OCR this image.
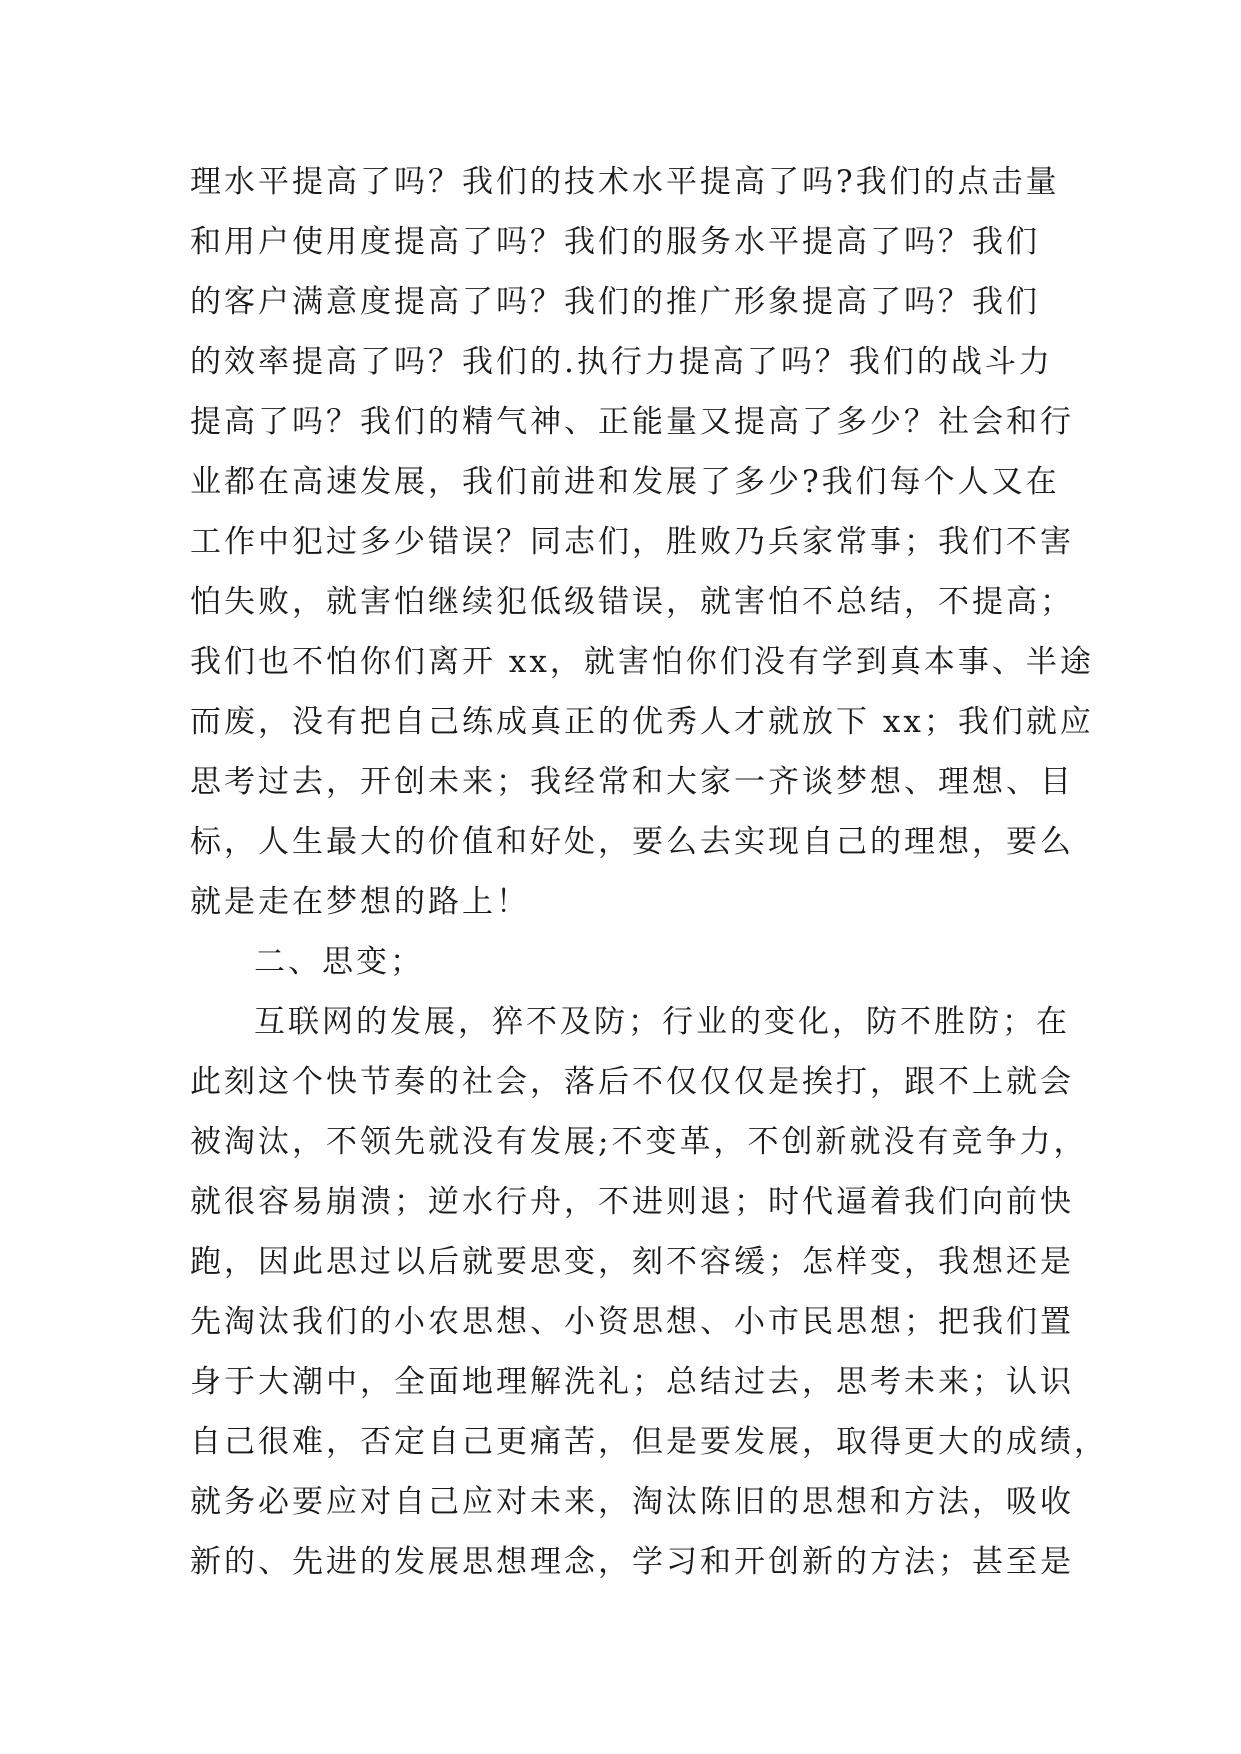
理水平提高了吗？我们的技术水平提高了吗?我们的点击量
和用户使用度提高了吗？我们的服务水平提高了吗？我们
的客户满意度提高了吗？我们的推广形象提高了吗？我们
的效率提高了吗？我们的.执行力提高了吗？我们的战斗力
提高了吗？我们的精气神、正能量又提高了多少？社会和行
业都在高速发展，我们前进和发展了多少?我们每个人又在
工作中犯过多少错误？同志们，胜败乃兵家常事；我们不害
怕失败，就害怕继续犯低级错误，就害怕不总结，不提高；
我们也不怕你们离开 xx，就害怕你们没有学到真本事、半途
而废，没有把自己练成真正的优秀人才就放下 xx；我们就应
思考过去，开创未来；我经常和大家一齐谈梦想、理想、目
标，人生最大的价值和好处，要么去实现自己的理想，要么
就是走在梦想的路上！
二、思变；
互联网的发展，猝不及防；行业的变化，防不胜防；在
此刻这个快节奏的社会，落后不仅仅仅是挨打，跟不上就会
被淘汰，不领先就没有发展;不变革，不创新就没有竞争力，
就很容易崩溃；逆水行舟，不进则退；时代逼着我们向前快
跑，因此思过以后就要思变，刻不容缓；怎样变，我想还是
先淘汰我们的小农思想、小资思想、小市民思想；把我们置
身于大潮中，全面地理解洗礼；总结过去，思考未来；认识
自己很难，否定自己更痛苦，但是要发展，取得更大的成绩，
就务必要应对自己应对未来，淘汰陈旧的思想和方法，吸收
新的、先进的发展思想理念，学习和开创新的方法；甚至是
